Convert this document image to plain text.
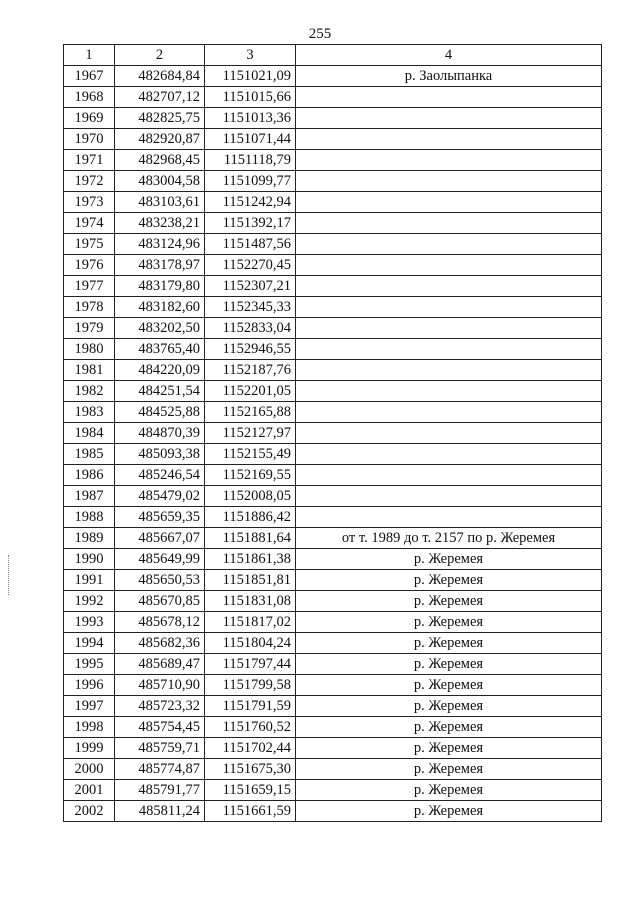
255
1	2	3	4
1967	482684,84	1151021,09	р. Заолыпанка
1968	482707,12	1151015,66	
1969	482825,75	1151013,36	
1970	482920,87	1151071,44	
1971	482968,45	1151118,79	
1972	483004,58	1151099,77	
1973	483103,61	1151242,94	
1974	483238,21	1151392,17	
1975	483124,96	1151487,56	
1976	483178,97	1152270,45	
1977	483179,80	1152307,21	
1978	483182,60	1152345,33	
1979	483202,50	1152833,04	
1980	483765,40	1152946,55	
1981	484220,09	1152187,76	
1982	484251,54	1152201,05	
1983	484525,88	1152165,88	
1984	484870,39	1152127,97	
1985	485093,38	1152155,49	
1986	485246,54	1152169,55	
1987	485479,02	1152008,05	
1988	485659,35	1151886,42	
1989	485667,07	1151881,64	от т. 1989 до т. 2157 по р. Жеремея
1990	485649,99	1151861,38	р. Жеремея
1991	485650,53	1151851,81	р. Жеремея
1992	485670,85	1151831,08	р. Жеремея
1993	485678,12	1151817,02	р. Жеремея
1994	485682,36	1151804,24	р. Жеремея
1995	485689,47	1151797,44	р. Жеремея
1996	485710,90	1151799,58	р. Жеремея
1997	485723,32	1151791,59	р. Жеремея
1998	485754,45	1151760,52	р. Жеремея
1999	485759,71	1151702,44	р. Жеремея
2000	485774,87	1151675,30	р. Жеремея
2001	485791,77	1151659,15	р. Жеремея
2002	485811,24	1151661,59	р. Жеремея
